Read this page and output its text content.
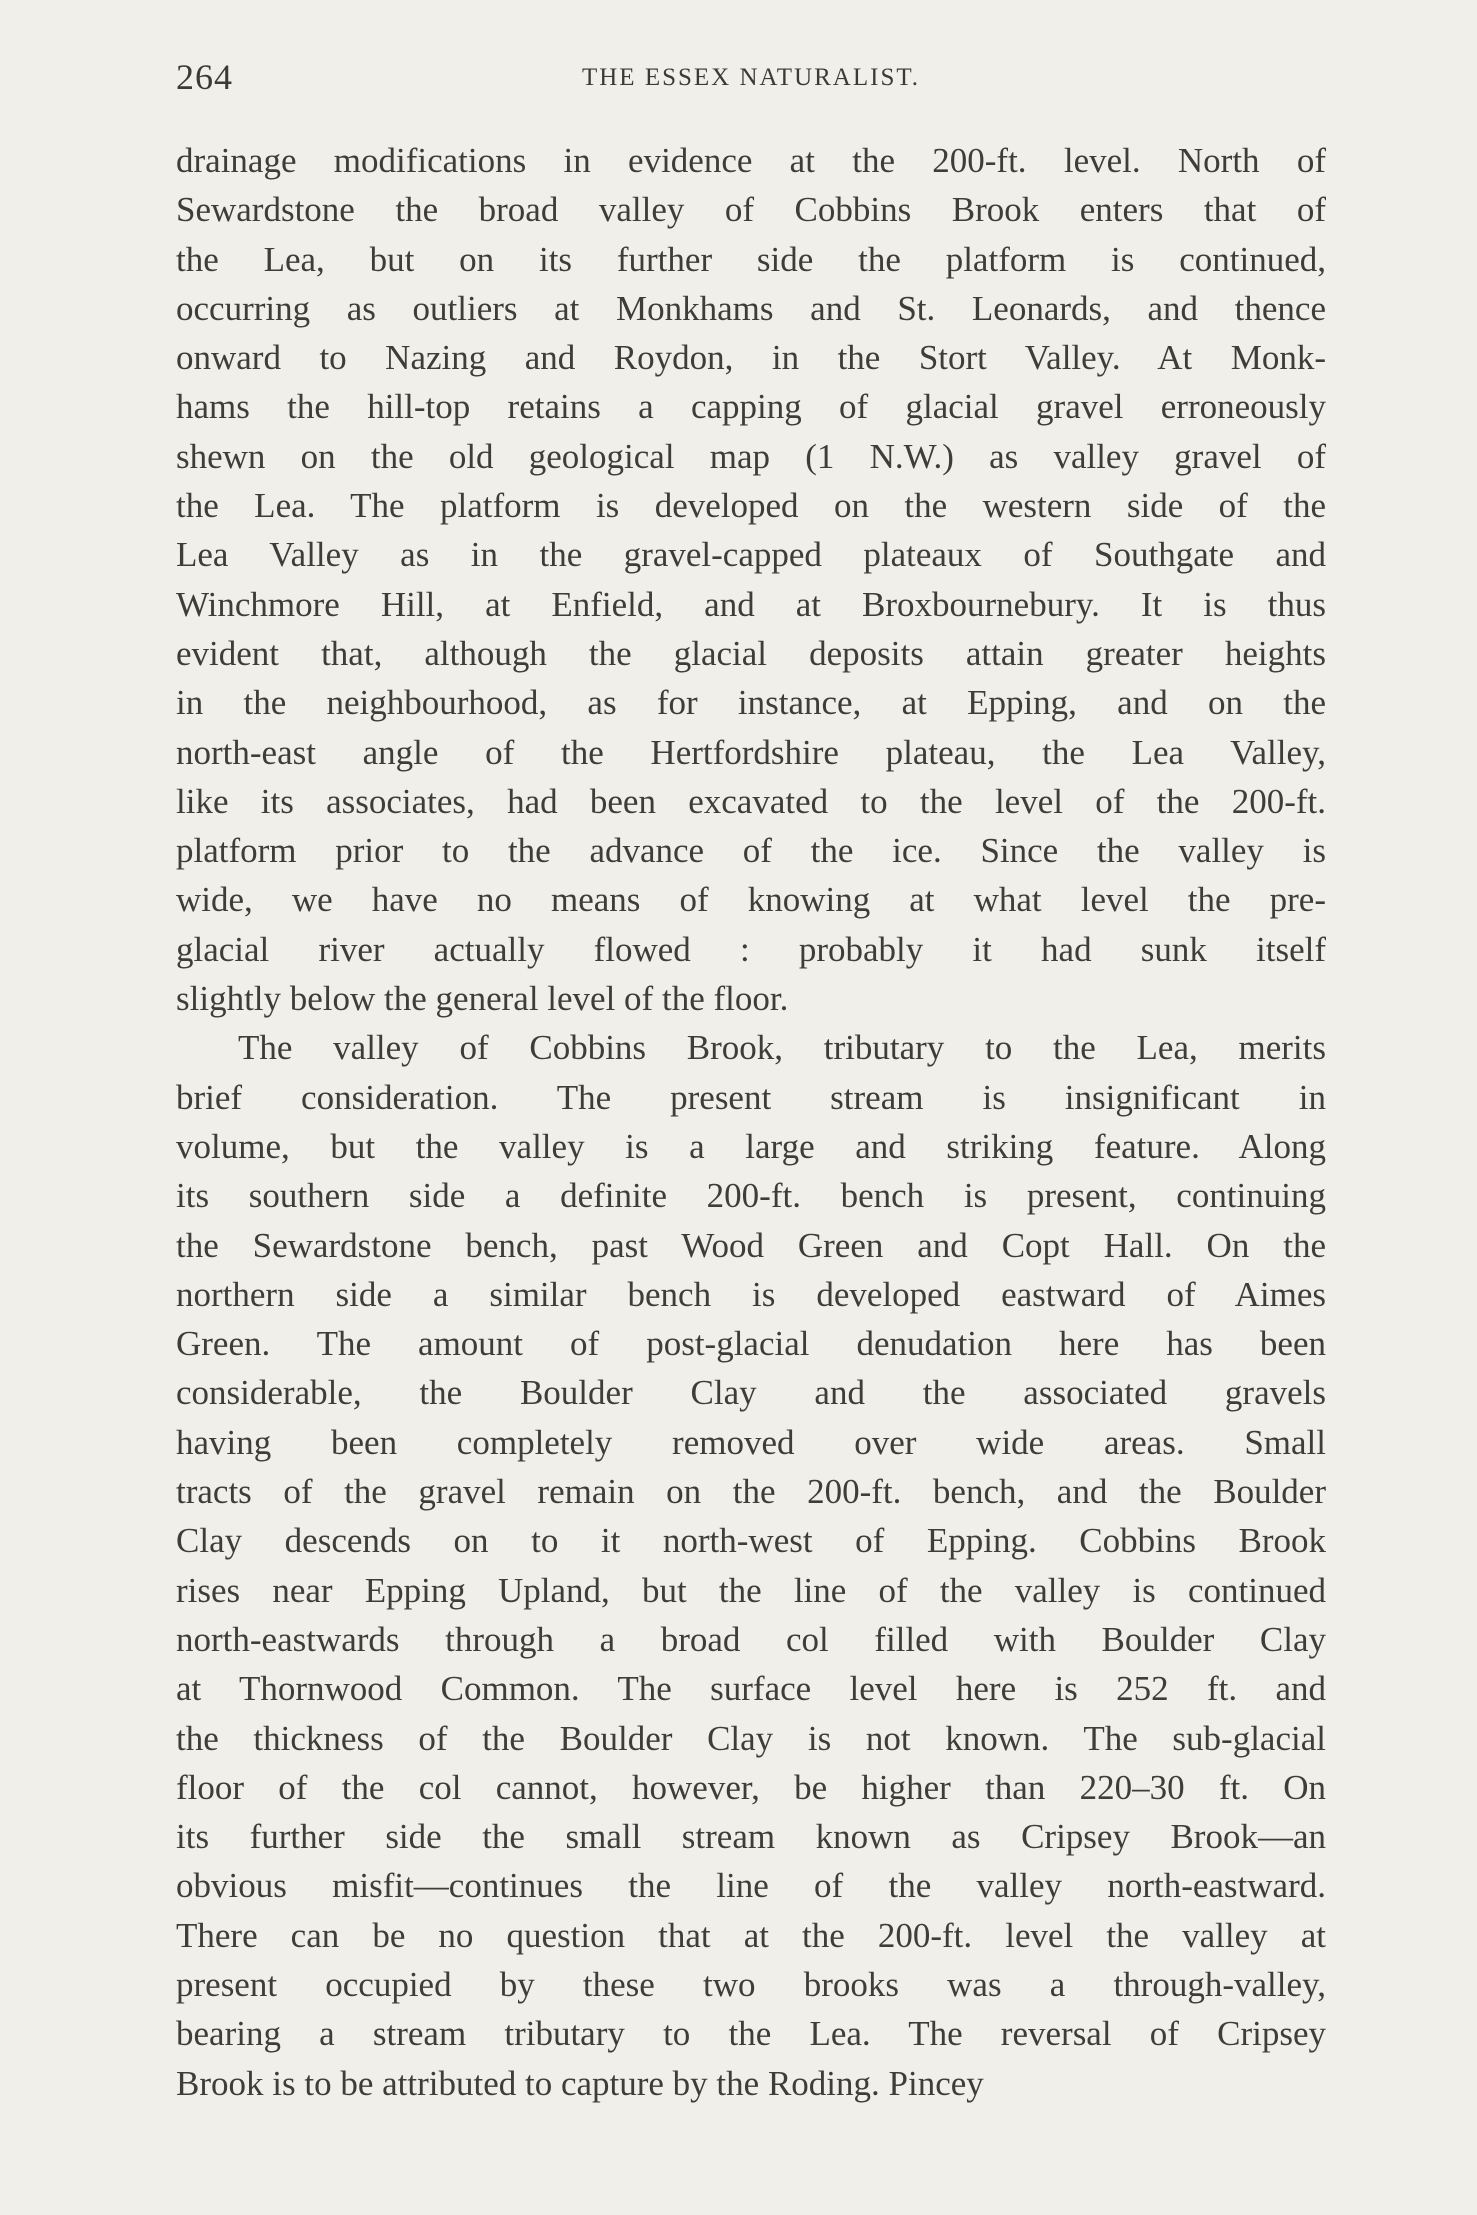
264	THE ESSEX NATURALIST.
drainage modifications in evidence at the 200-ft. level. North of
Sewardstone the broad valley of Cobbins Brook enters that of
the Lea, but on its further side the platform is continued,
occurring as outliers at Monkhams and St. Leonards, and thence
onward to Nazing and Roydon, in the Stort Valley. At Monk-
hams the hill-top retains a capping of glacial gravel erroneously
shewn on the old geological map (1 N.W.) as valley gravel of
the Lea. The platform is developed on the western side of the
Lea Valley as in the gravel-capped plateaux of Southgate and
Winchmore Hill, at Enfield, and at Broxbournebury. It is thus
evident that, although the glacial deposits attain greater heights
in the neighbourhood, as for instance, at Epping, and on the
north-east angle of the Hertfordshire plateau, the Lea Valley,
like its associates, had been excavated to the level of the 200-ft.
platform prior to the advance of the ice. Since the valley is
wide, we have no means of knowing at what level the pre-
glacial river actually flowed : probably it had sunk itself
slightly below the general level of the floor.
The valley of Cobbins Brook, tributary to the Lea, merits
brief consideration. The present stream is insignificant in
volume, but the valley is a large and striking feature. Along
its southern side a definite 200-ft. bench is present, continuing
the Sewardstone bench, past Wood Green and Copt Hall. On the
northern side a similar bench is developed eastward of Aimes
Green. The amount of post-glacial denudation here has been
considerable, the Boulder Clay and the associated gravels
having been completely removed over wide areas. Small
tracts of the gravel remain on the 200-ft. bench, and the Boulder
Clay descends on to it north-west of Epping. Cobbins Brook
rises near Epping Upland, but the line of the valley is continued
north-eastwards through a broad col filled with Boulder Clay
at Thornwood Common. The surface level here is 252 ft. and
the thickness of the Boulder Clay is not known. The sub-glacial
floor of the col cannot, however, be higher than 220–30 ft. On
its further side the small stream known as Cripsey Brook—an
obvious misfit—continues the line of the valley north-eastward.
There can be no question that at the 200-ft. level the valley at
present occupied by these two brooks was a through-valley,
bearing a stream tributary to the Lea. The reversal of Cripsey
Brook is to be attributed to capture by the Roding. Pincey
